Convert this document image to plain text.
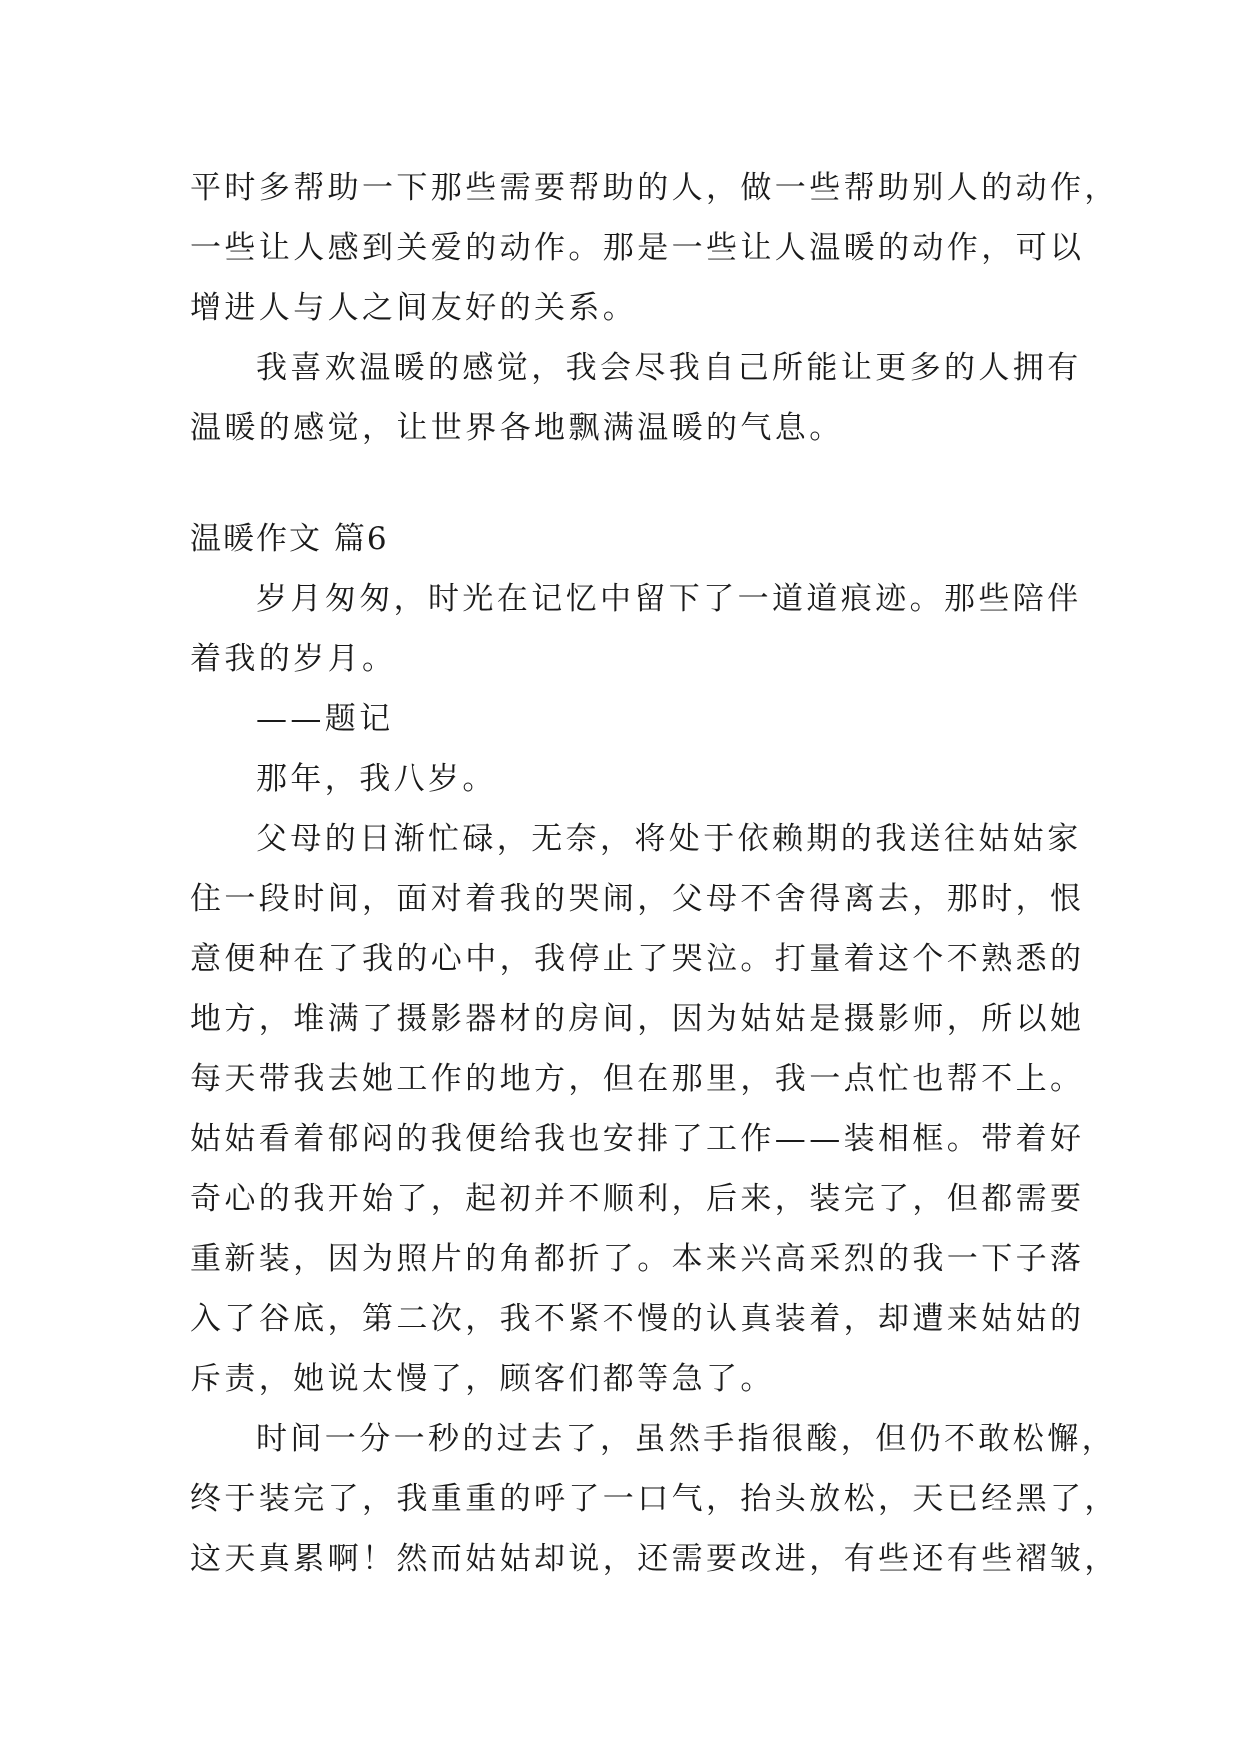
平时多帮助一下那些需要帮助的人，做一些帮助别人的动作，
一些让人感到关爱的动作。那是一些让人温暖的动作，可以
增进人与人之间友好的关系。
我喜欢温暖的感觉，我会尽我自己所能让更多的人拥有
温暖的感觉，让世界各地飘满温暖的气息。
温暖作文 篇6
岁月匆匆，时光在记忆中留下了一道道痕迹。那些陪伴
着我的岁月。
——题记
那年，我八岁。
父母的日渐忙碌，无奈，将处于依赖期的我送往姑姑家
住一段时间，面对着我的哭闹，父母不舍得离去，那时，恨
意便种在了我的心中，我停止了哭泣。打量着这个不熟悉的
地方，堆满了摄影器材的房间，因为姑姑是摄影师，所以她
每天带我去她工作的地方，但在那里，我一点忙也帮不上。
姑姑看着郁闷的我便给我也安排了工作——装相框。带着好
奇心的我开始了，起初并不顺利，后来，装完了，但都需要
重新装，因为照片的角都折了。本来兴高采烈的我一下子落
入了谷底，第二次，我不紧不慢的认真装着，却遭来姑姑的
斥责，她说太慢了，顾客们都等急了。
时间一分一秒的过去了，虽然手指很酸，但仍不敢松懈，
终于装完了，我重重的呼了一口气，抬头放松，天已经黑了，
这天真累啊！然而姑姑却说，还需要改进，有些还有些褶皱，
